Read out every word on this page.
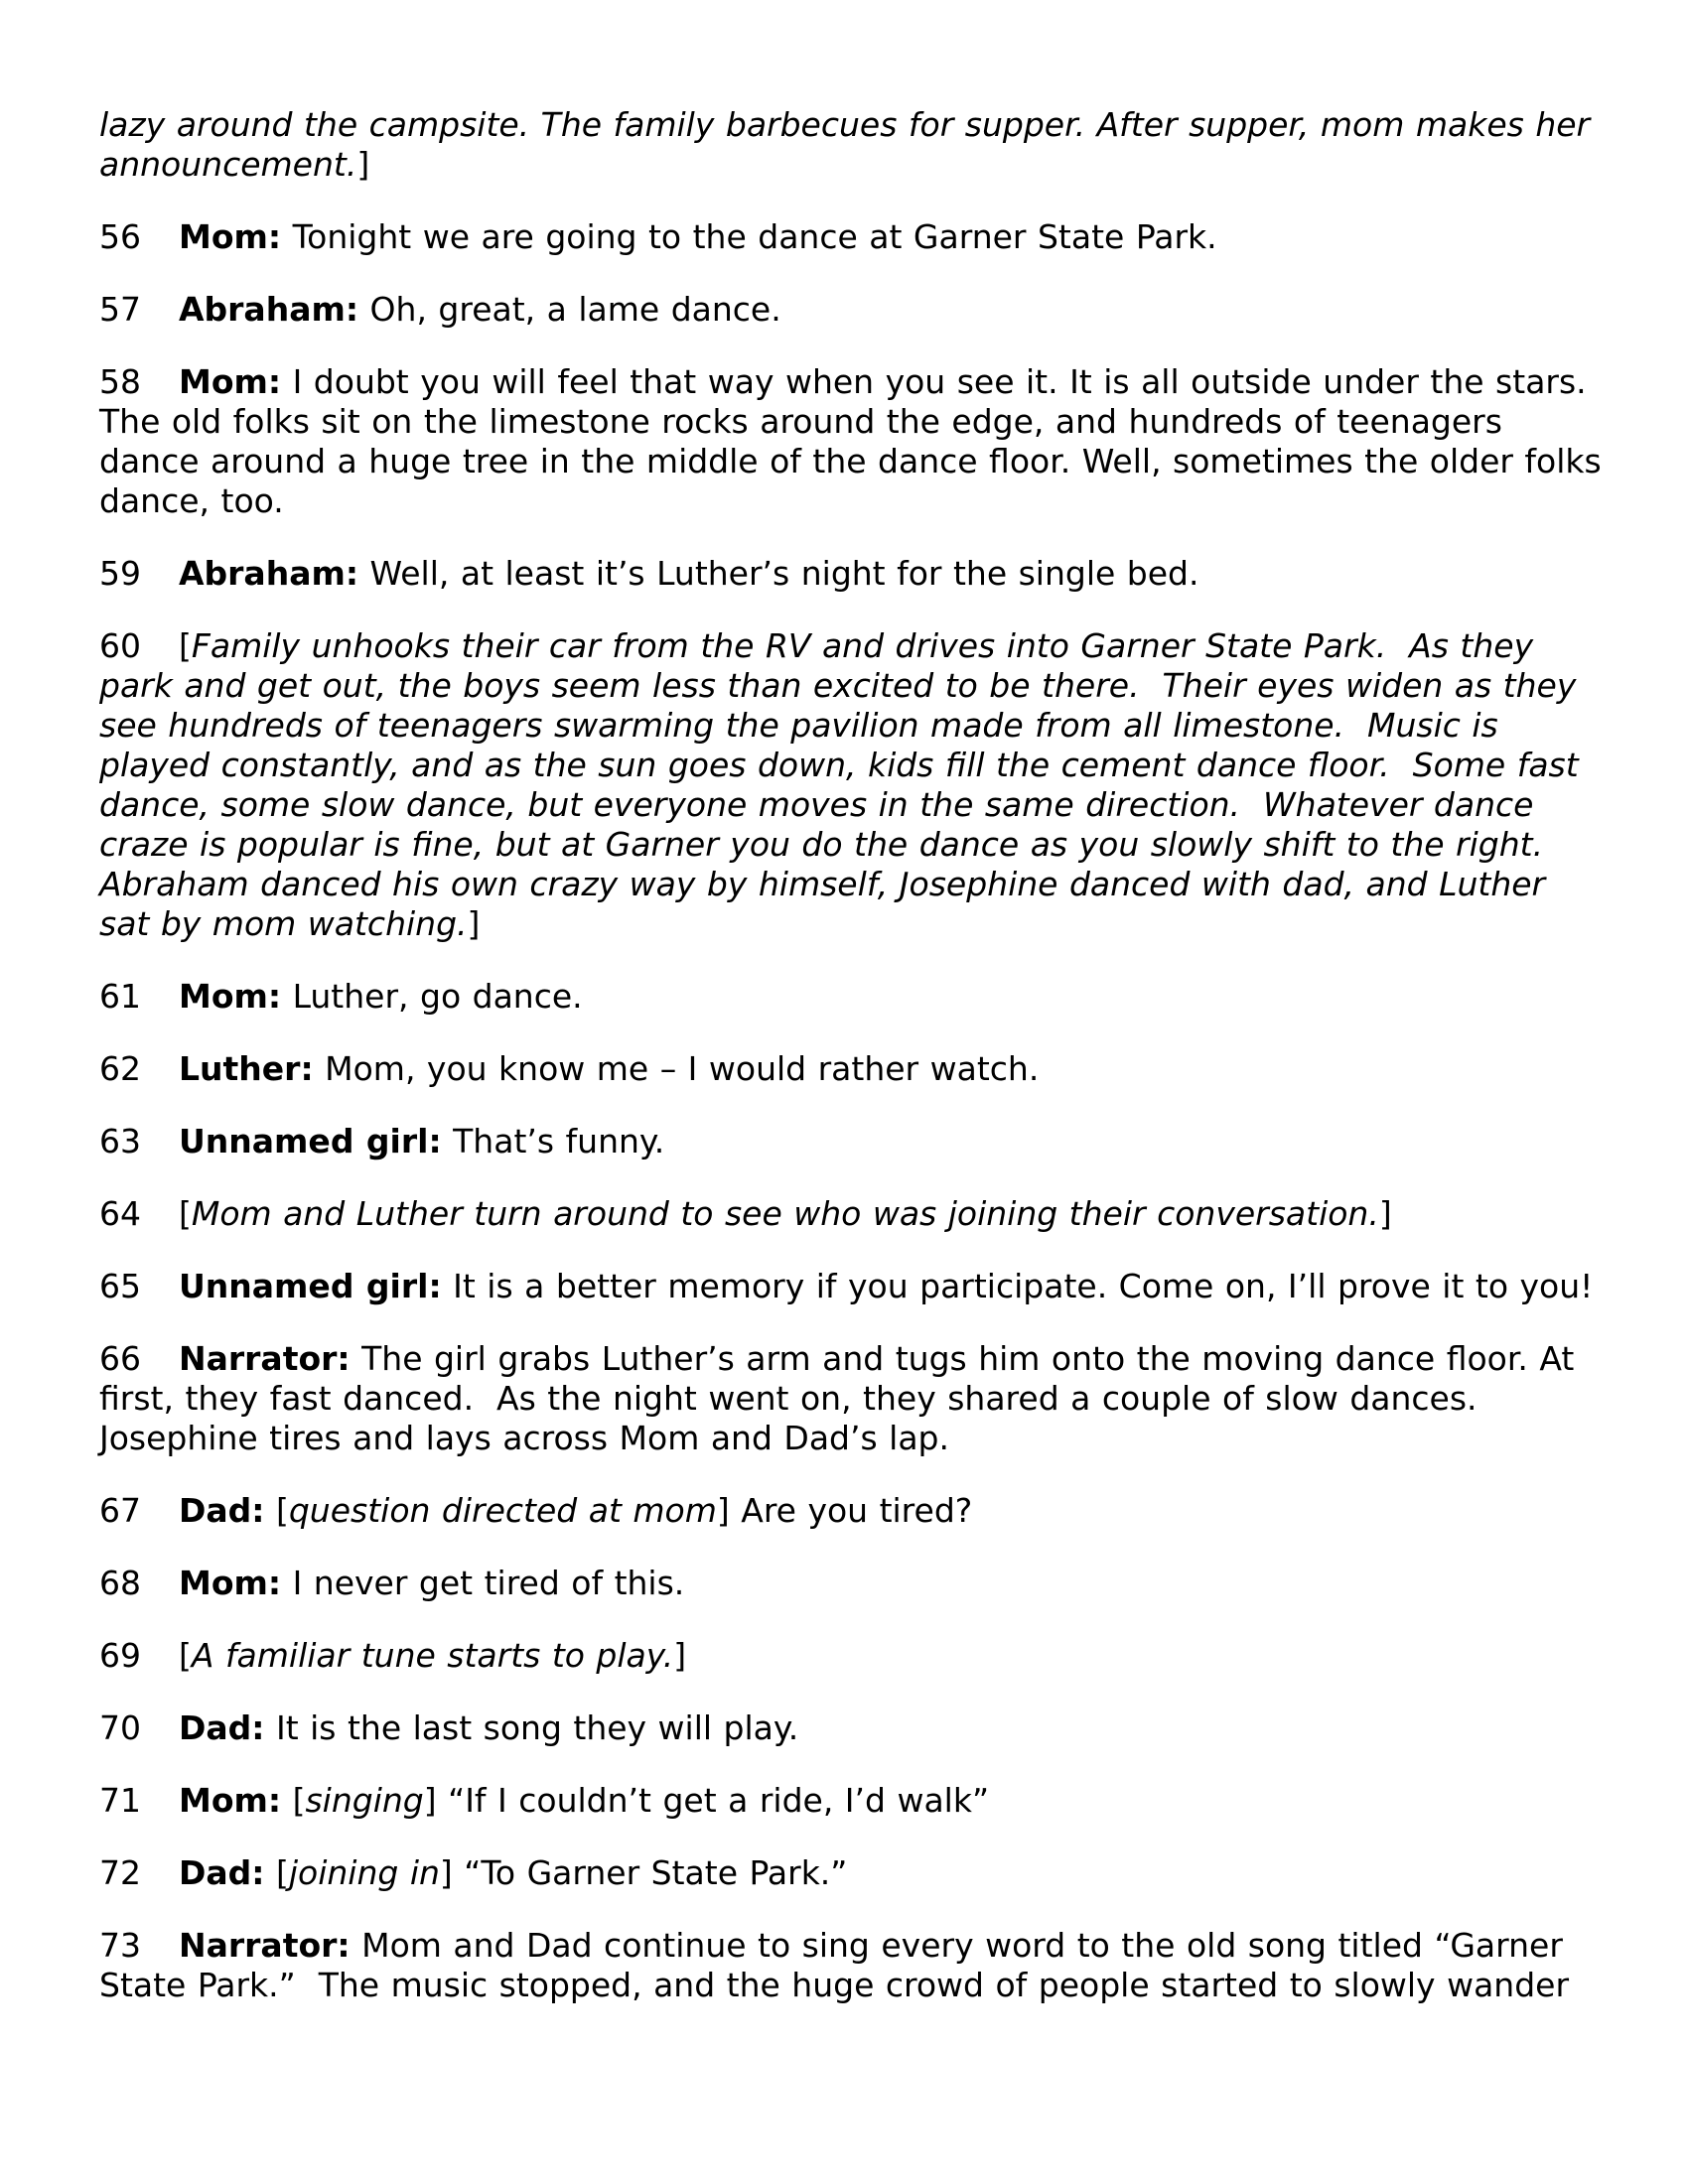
lazy around the campsite. The family barbecues for supper. After supper, mom makes her announcement.]

56 Mom: Tonight we are going to the dance at Garner State Park.

57 Abraham: Oh, great, a lame dance.

58 Mom: I doubt you will feel that way when you see it. It is all outside under the stars. The old folks sit on the limestone rocks around the edge, and hundreds of teenagers dance around a huge tree in the middle of the dance floor. Well, sometimes the older folks dance, too.

59 Abraham: Well, at least it’s Luther’s night for the single bed.

60 [Family unhooks their car from the RV and drives into Garner State Park.  As they park and get out, the boys seem less than excited to be there.  Their eyes widen as they see hundreds of teenagers swarming the pavilion made from all limestone.  Music is played constantly, and as the sun goes down, kids fill the cement dance floor.  Some fast dance, some slow dance, but everyone moves in the same direction.  Whatever dance craze is popular is fine, but at Garner you do the dance as you slowly shift to the right.  Abraham danced his own crazy way by himself, Josephine danced with dad, and Luther sat by mom watching.]

61 Mom: Luther, go dance.

62 Luther: Mom, you know me – I would rather watch.

63 Unnamed girl: That’s funny.

64 [Mom and Luther turn around to see who was joining their conversation.]

65 Unnamed girl: It is a better memory if you participate. Come on, I’ll prove it to you!

66 Narrator: The girl grabs Luther’s arm and tugs him onto the moving dance floor. At first, they fast danced.  As the night went on, they shared a couple of slow dances. Josephine tires and lays across Mom and Dad’s lap.

67 Dad: [question directed at mom] Are you tired?

68 Mom: I never get tired of this.

69 [A familiar tune starts to play.]

70 Dad: It is the last song they will play.

71 Mom: [singing] “If I couldn’t get a ride, I’d walk”

72 Dad: [joining in] “To Garner State Park.”

73 Narrator: Mom and Dad continue to sing every word to the old song titled “Garner State Park.”  The music stopped, and the huge crowd of people started to slowly wander
